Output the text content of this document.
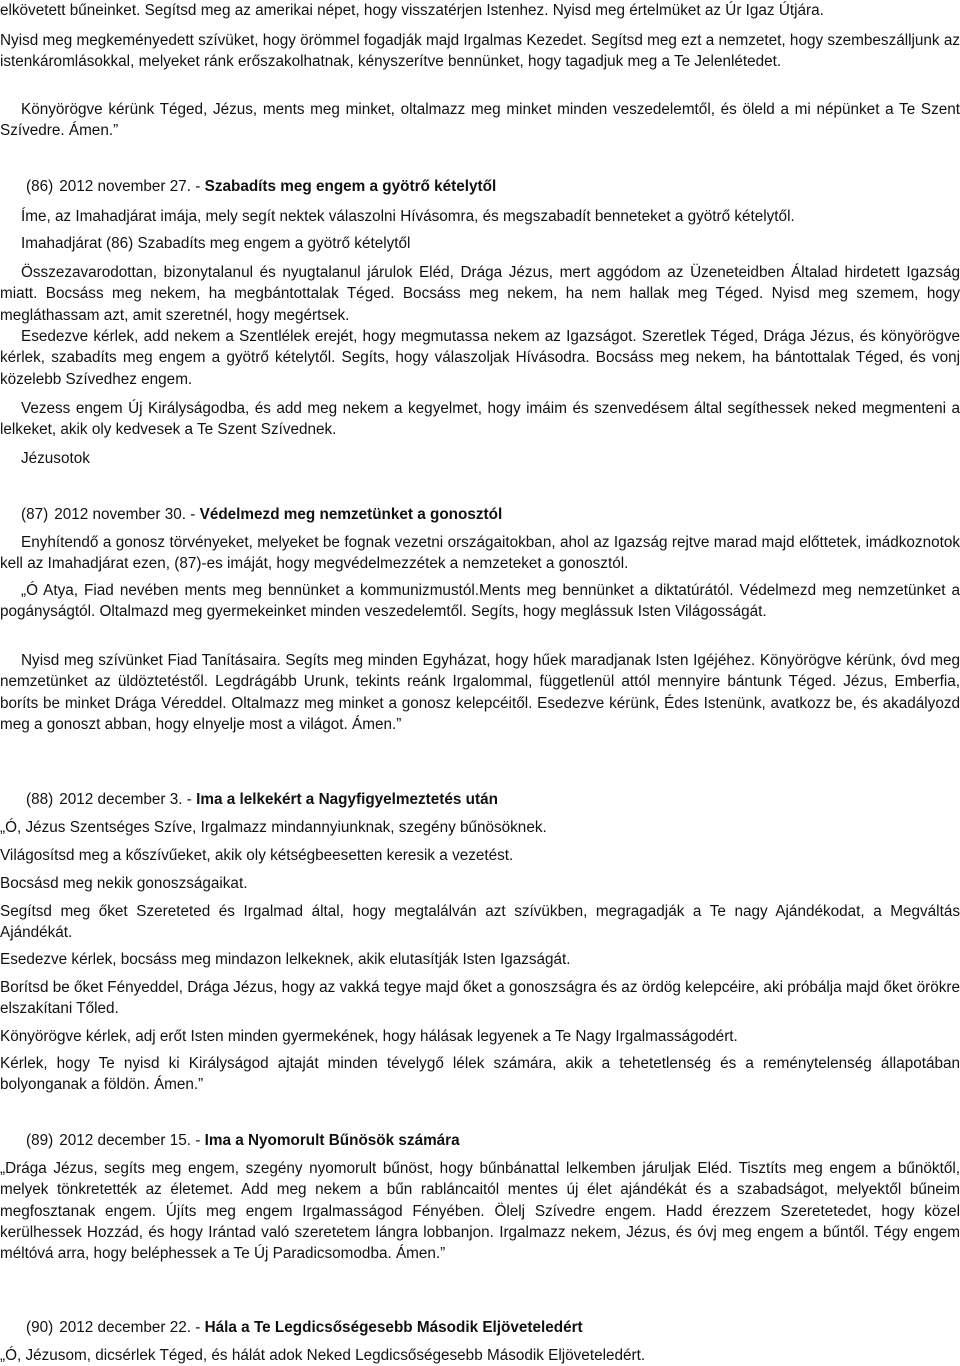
elkövetett bűneinket. Segítsd meg az amerikai népet, hogy visszatérjen Istenhez. Nyisd meg értelmüket az Úr Igaz Útjára.

Nyisd meg megkeményedett szívüket, hogy örömmel fogadják majd Irgalmas Kezedet. Segítsd meg ezt a nemzetet, hogy szembeszálljunk az istenkáromlásokkal, melyeket ránk erőszakolhatnak, kényszerítve bennünket, hogy tagadjuk meg a Te Jelenlétedet.

Könyörögve kérünk Téged, Jézus, ments meg minket, oltalmazz meg minket minden veszedelemtől, és öleld a mi népünket a Te Szent Szívedre. Ámen.”

(86) 2012 november 27. - Szabadíts meg engem a gyötrő kételytől

Íme, az Imahadjárat imája, mely segít nektek válaszolni Hívásomra, és megszabadít benneteket a gyötrő kételytől.

Imahadjárat (86) Szabadíts meg engem a gyötrő kételytől

Összezavarodottan, bizonytalanul és nyugtalanul járulok Eléd, Drága Jézus, mert aggódom az Üzeneteidben Általad hirdetett Igazság miatt. Bocsáss meg nekem, ha megbántottalak Téged. Bocsáss meg nekem, ha nem hallak meg Téged. Nyisd meg szemem, hogy megláthassam azt, amit szeretnél, hogy megértsek.

Esedezve kérlek, add nekem a Szentlélek erejét, hogy megmutassa nekem az Igazságot. Szeretlek Téged, Drága Jézus, és könyörögve kérlek, szabadíts meg engem a gyötrő kételytől. Segíts, hogy válaszoljak Hívásodra. Bocsáss meg nekem, ha bántottalak Téged, és vonj közelebb Szívedhez engem.

Vezess engem Új Királyságodba, és add meg nekem a kegyelmet, hogy imáim és szenvedésem által segíthessek neked megmenteni a lelkeket, akik oly kedvesek a Te Szent Szívednek.

Jézusotok

(87) 2012 november 30. - Védelmezd meg nemzetünket a gonosztól

Enyhítendő a gonosz törvényeket, melyeket be fognak vezetni országaitokban, ahol az Igazság rejtve marad majd előttetek, imádkoznotok kell az Imahadjárat ezen, (87)-es imáját, hogy megvédelmezzétek a nemzeteket a gonosztól.

„Ó Atya, Fiad nevében ments meg bennünket a kommunizmustól.Ments meg bennünket a diktatúrától. Védelmezd meg nemzetünket a pogányságtól. Oltalmazd meg gyermekeinket minden veszedelemtől. Segíts, hogy meglássuk Isten Világosságát.

Nyisd meg szívünket Fiad Tanításaira. Segíts meg minden Egyházat, hogy hűek maradjanak Isten Igéjéhez. Könyörögve kérünk, óvd meg nemzetünket az üldöztetéstől. Legdrágább Urunk, tekints reánk Irgalommal, függetlenül attól mennyire bántunk Téged. Jézus, Emberfia, boríts be minket Drága Véreddel. Oltalmazz meg minket a gonosz kelepcéitől. Esedezve kérünk, Édes Istenünk, avatkozz be, és akadályozd meg a gonoszt abban, hogy elnyelje most a világot. Ámen.”

(88) 2012 december 3. - Ima a lelkekért a Nagyfigyelmeztetés után

„Ó, Jézus Szentséges Szíve, Irgalmazz mindannyiunknak, szegény bűnösöknek.

Világosítsd meg a kőszívűeket, akik oly kétségbeesetten keresik a vezetést.

Bocsásd meg nekik gonoszságaikat.

Segítsd meg őket Szereteted és Irgalmad által, hogy megtalálván azt szívükben, megragadják a Te nagy Ajándékodat, a Megváltás Ajándékát.

Esedezve kérlek, bocsáss meg mindazon lelkeknek, akik elutasítják Isten Igazságát.

Borítsd be őket Fényeddel, Drága Jézus, hogy az vakká tegye majd őket a gonoszságra és az ördög kelepcéire, aki próbálja majd őket örökre elszakítani Tőled.

Könyörögve kérlek, adj erőt Isten minden gyermekének, hogy hálásak legyenek a Te Nagy Irgalmasságodért.

Kérlek, hogy Te nyisd ki Királyságod ajtaját minden tévelygő lélek számára, akik a tehetetlenség és a reménytelenség állapotában bolyonganak a földön. Ámen.”

(89) 2012 december 15. - Ima a Nyomorult Bűnösök számára

„Drága Jézus, segíts meg engem, szegény nyomorult bűnöst, hogy bűnbánattal lelkemben járuljak Eléd. Tisztíts meg engem a bűnöktől, melyek tönkretették az életemet. Add meg nekem a bűn rabláncaitól mentes új élet ajándékát és a szabadságot, melyektől bűneim megfosztanak engem. Újíts meg engem Irgalmasságod Fényében. Ölelj Szívedre engem. Hadd érezzem Szeretetedet, hogy közel kerülhessek Hozzád, és hogy Irántad való szeretetem lángra lobbanjon. Irgalmazz nekem, Jézus, és óvj meg engem a bűntől. Tégy engem méltóvá arra, hogy beléphessek a Te Új Paradicsomodba. Ámen.”

(90) 2012 december 22. - Hála a Te Legdicsőségesebb Második Eljöveteledért

„Ó, Jézusom, dicsérlek Téged, és hálát adok Neked Legdicsőségesebb Második Eljöveteledért.
